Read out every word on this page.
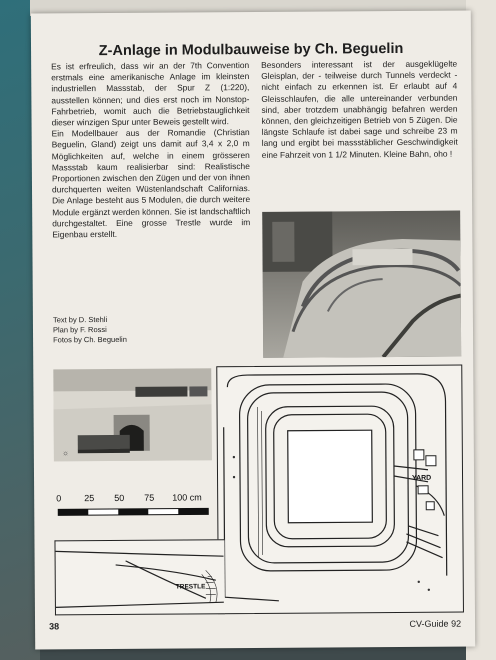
Z-Anlage in Modulbauweise by Ch. Beguelin

Es ist erfreulich, dass wir an der 7th Convention erstmals eine amerikanische Anlage im kleinsten industriellen Massstab, der Spur Z (1:220), ausstellen können; und dies erst noch im Nonstop-Fahrbetrieb, womit auch die Betriebstauglichkeit dieser winzigen Spur unter Beweis gestellt wird.

Ein Modellbauer aus der Romandie (Christian Beguelin, Gland) zeigt uns damit auf 3,4 x 2,0 m Möglichkeiten auf, welche in einem grösseren Massstab kaum realisierbar sind: Realistische Proportionen zwischen den Zügen und der von ihnen durchquerten weiten Wüstenlandschaft Californias. Die Anlage besteht aus 5 Modulen, die durch weitere Module ergänzt werden können. Sie ist landschaftlich durchgestaltet. Eine grosse Trestle wurde im Eigenbau erstellt.

Besonders interessant ist der ausgeklügelte Gleisplan, der - teilweise durch Tunnels verdeckt - nicht einfach zu erkennen ist. Er erlaubt auf 4 Gleisschlaufen, die alle untereinander verbunden sind, aber trotzdem unabhängig befahren werden können, den gleichzeitigen Betrieb von 5 Zügen. Die längste Schlaufe ist dabei sage und schreibe 23 m lang und ergibt bei massstäblicher Geschwindigkeit eine Fahrzeit von 1 1/2 Minuten. Kleine Bahn, oho !

Text by D. Stehli
Plan by F. Rossi
Fotos by Ch. Beguelin
☼
0	25 50 75 100 cm
YARD
TRESTLE
38	CV-Guide 92
